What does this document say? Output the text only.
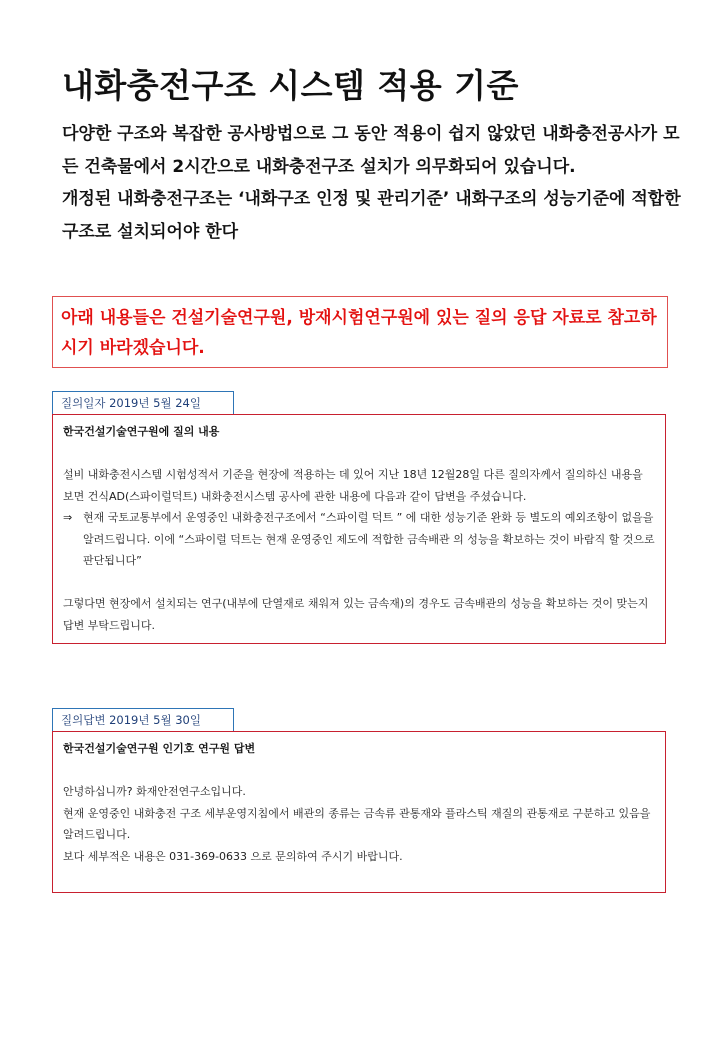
내화충전구조 시스템 적용 기준

다양한 구조와 복잡한 공사방법으로 그 동안 적용이 쉽지 않았던 내화충전공사가 모든 건축물에서 2시간으로 내화충전구조 설치가 의무화되어 있습니다.

개정된 내화충전구조는 ‘내화구조 인정 및 관리기준’ 내화구조의 성능기준에 적합한 구조로 설치되어야 한다

아래 내용들은 건설기술연구원, 방재시험연구원에 있는 질의 응답 자료로 참고하시기 바라겠습니다.
질의일자 2019년 5월 24일

한국건설기술연구원에 질의 내용

설비 내화충전시스템 시험성적서 기준을 현장에 적용하는 데 있어 지난 18년 12월28일 다른 질의자께서 질의하신 내용을 보면 건식AD(스파이럴덕트) 내화충전시스템 공사에 관한 내용에 다음과 같이 답변을 주셨습니다.

⇒ 현재 국토교통부에서 운영중인 내화충전구조에서 “스파이럴 덕트 ” 에 대한 성능기준 완화 등 별도의 예외조항이 없을을 알려드립니다. 이에 “스파이럴 덕트는 현재 운영중인 제도에 적합한 금속배관 의 성능을 확보하는 것이 바람직 할 것으로 판단됩니다”

그렇다면 현장에서 설치되는 연구(내부에 단열재로 채워져 있는 금속재)의 경우도 금속배관의 성능을 확보하는 것이 맞는지 답변 부탁드립니다.

질의답변 2019년 5월 30일

한국건설기술연구원 인기호 연구원 답변

안녕하십니까? 화재안전연구소입니다.

현재 운영중인 내화충전 구조 세부운영지침에서 배관의 종류는 금속류 관통재와 플라스틱 재질의 관통재로 구분하고 있음을 알려드립니다.

보다 세부적은 내용은 031-369-0633 으로 문의하여 주시기 바랍니다.
